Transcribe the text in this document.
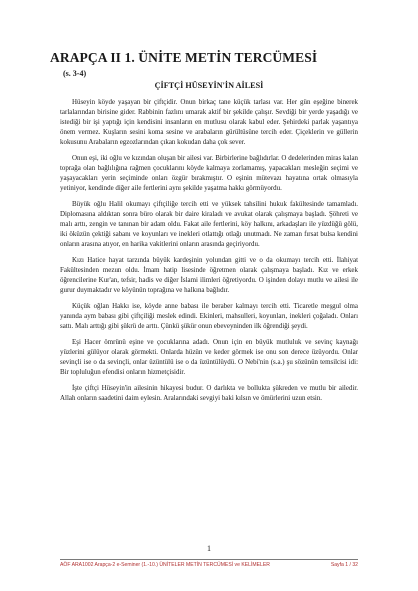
ARAPÇA II 1. ÜNİTE METİN TERCÜMESİ
(s. 3-4)
ÇİFTÇİ HÜSEYİN'İN AİLESİ

Hüseyin köyde yaşayan bir çiftçidir. Onun birkaç tane küçük tarlası var. Her gün eşeğine binerek tarlalarından birisine gider. Rabbinin fazlını umarak aktif bir şekilde çalışır. Sevdiği bir yerde yaşadığı ve istediği bir işi yaptığı için kendisini insanların en mutlusu olarak kabul eder. Şehirdeki parlak yaşantıya önem vermez. Kuşların sesini koma sesine ve arabaların gürültüsüne tercih eder. Çiçeklerin ve güllerin kokusunu Arabaların egzozlarından çıkan kokudan daha çok sever.

Onun eşi, iki oğlu ve kızından oluşan bir ailesi var. Birbirlerine bağlıdırlar. O dedelerinden miras kalan toprağa olan bağlılığına rağmen çocuklarını köyde kalmaya zorlamamış, yapacakları mesleğin seçimi ve yaşayacakları yerin seçiminde onları özgür bırakmıştır. O eşinin mütevazı hayatına ortak olmasıyla yetiniyor, kendinde diğer aile fertlerini aynı şekilde yaşatma hakkı görmüyordu.

Büyük oğlu Halil okumayı çiftçiliğe tercih etti ve yüksek tahsilini hukuk fakültesinde tamamladı. Diplomasına aldıktan sonra büro olarak bir daire kiraladı ve avukat olarak çalışmaya başladı. Şöhreti ve malı arttı, zengin ve tanınan bir adam oldu. Fakat aile fertlerini, köy halkını, arkadaşları ile yüzdüğü gölü, iki öküzün çektiği sabanı ve koyunları ve inekleri otlattığı otlağı unutmadı. Ne zaman fırsat bulsa kendini onların arasına atıyor, en harika vakitlerini onların arasında geçiriyordu.

Kızı Hatice hayat tarzında büyük kardeşinin yolundan gitti ve o da okumayı tercih etti. İlahiyat Fakültesinden mezun oldu. İmam hatip lisesinde öğretmen olarak çalışmaya başladı. Kız ve erkek öğrencilerine Kur'an, tefsir, hadis ve diğer İslami ilimleri öğretiyordu. O işinden dolayı mutlu ve ailesi ile gurur duymaktadır ve köyünün toprağına ve halkına bağlıdır.

Küçük oğlan Hakkı ise, köyde anne babası ile beraber kalmayı tercih etti. Ticaretle meşgul olma yanında aym babası gibi çiftçiliği meslek edindi. Ekinleri, mahsulleri, koyunları, inekleri çoğaladı. Onları sattı. Malı arttığı gibi şükrü de arttı. Çünkü şükür onun ebeveyninden ilk öğrendiği şeydi.

Eşi Hacer ömrünü eşine ve çocuklarına adadı. Onun için en büyük mutluluk ve sevinç kaynağı yüzlerini gülüyor olarak görmekti. Onlarda hüzün ve keder görmek ise onu son derece üzüyordu. Onlar sevinçli ise o da sevinçli, onlar üzüntülü ise o da üzüntülüydü. O Nebi'nin (s.a.) şu sözünün temsilcisi idi: Bir topluluğun efendisi onların hizmetçisidir.

İşte çiftçi Hüseyin'in ailesinin hikayesi budur. O darlıkta ve bollukta şükreden ve mutlu bir ailedir. Allah onların saadetini daim eylesin. Aralarındaki sevgiyi baki kılsın ve ömürlerini uzun etsin.

1
AÖF ARA1002 Arapça-2 e-Seminer (1.-10.) ÜNİTELER METİN TERCÜMESİ ve KELİMELER	Sayfa 1 / 32
